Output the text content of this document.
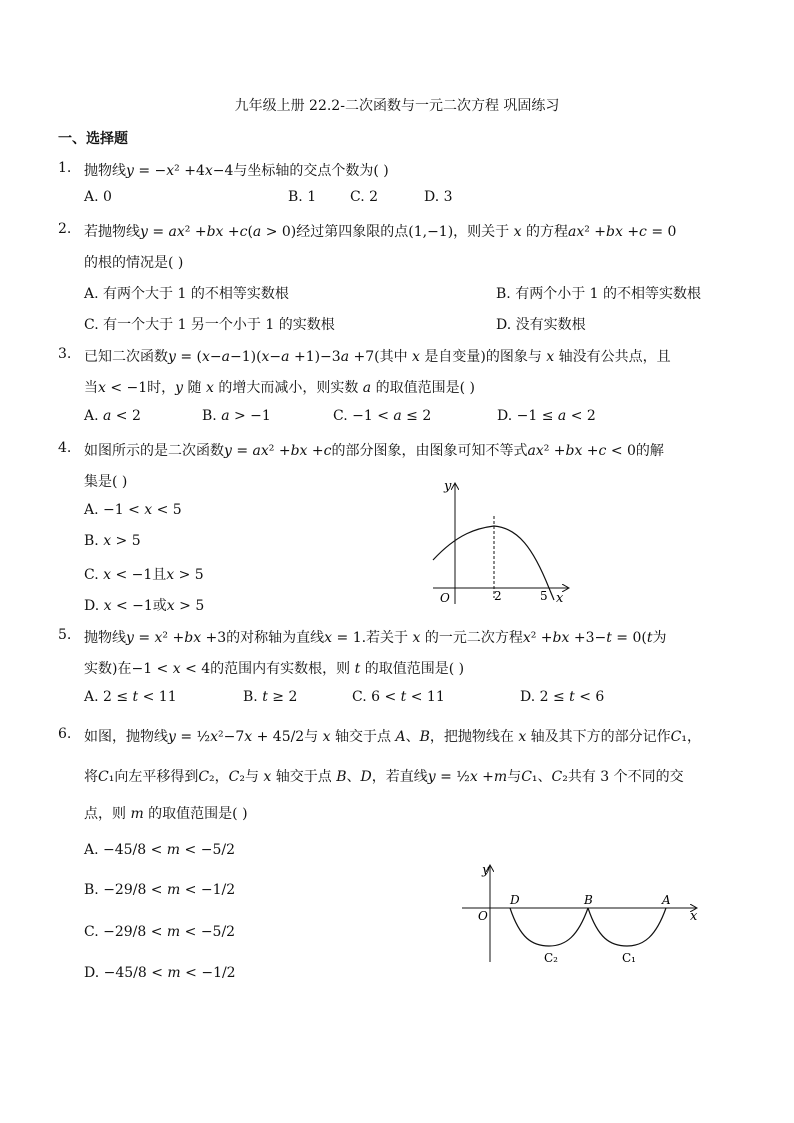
九年级上册 22.2-二次函数与一元二次方程 巩固练习
一、选择题
1. 抛物线𝑦 = −𝑥² +4𝑥−4与坐标轴的交点个数为( )
A. 0	B. 1 C. 2	D. 3
2. 若抛物线𝑦 = 𝑎𝑥² +𝑏𝑥 +𝑐(𝑎 > 0)经过第四象限的点(1,−1)，则关于 𝑥 的方程𝑎𝑥² +𝑏𝑥 +𝑐 = 0
的根的情况是( )
A. 有两个大于 1 的不相等实数根	B. 有两个小于 1 的不相等实数根
C. 有一个大于 1 另一个小于 1 的实数根	D. 没有实数根
3. 已知二次函数𝑦 = (𝑥−𝑎−1)(𝑥−𝑎 +1)−3𝑎 +7(其中 𝑥 是自变量)的图象与 𝑥 轴没有公共点，且
当𝑥 < −1时，𝑦 随 𝑥 的增大而减小，则实数 𝑎 的取值范围是( )
A. 𝑎 < 2	B. 𝑎 > −1	C. −1 < 𝑎 ≤ 2	D. −1 ≤ 𝑎 < 2
4. 如图所示的是二次函数𝑦 = 𝑎𝑥² +𝑏𝑥 +𝑐的部分图象，由图象可知不等式𝑎𝑥² +𝑏𝑥 +𝑐 < 0的解
集是( )
A. −1 < 𝑥 < 5
B. 𝑥 > 5
C. 𝑥 < −1且𝑥 > 5
D. 𝑥 < −1或𝑥 > 5
y
x
O	2	5
5. 抛物线𝑦 = 𝑥² +𝑏𝑥 +3的对称轴为直线𝑥 = 1.若关于 𝑥 的一元二次方程𝑥² +𝑏𝑥 +3−𝑡 = 0(𝑡为
实数)在−1 < 𝑥 < 4的范围内有实数根，则 𝑡 的取值范围是( )
A. 2 ≤ 𝑡 < 11	B. 𝑡 ≥ 2	C. 6 < 𝑡 < 11	D. 2 ≤ 𝑡 < 6
6. 如图，抛物线𝑦 = ½𝑥²−7𝑥 + 45/2与 𝑥 轴交于点 𝐴、𝐵，把抛物线在 𝑥 轴及其下方的部分记作𝐶₁，
将𝐶₁向左平移得到𝐶₂，𝐶₂与 𝑥 轴交于点 𝐵、𝐷，若直线𝑦 = ½𝑥 +𝑚与𝐶₁、𝐶₂共有 3 个不同的交
点，则 𝑚 的取值范围是( )
A. −45/8 < 𝑚 < −5/2
B. −29/8 < 𝑚 < −1/2
C. −29/8 < 𝑚 < −5/2
D. −45/8 < 𝑚 < −1/2
y
x
O
D	B	A
C₂	C₁
